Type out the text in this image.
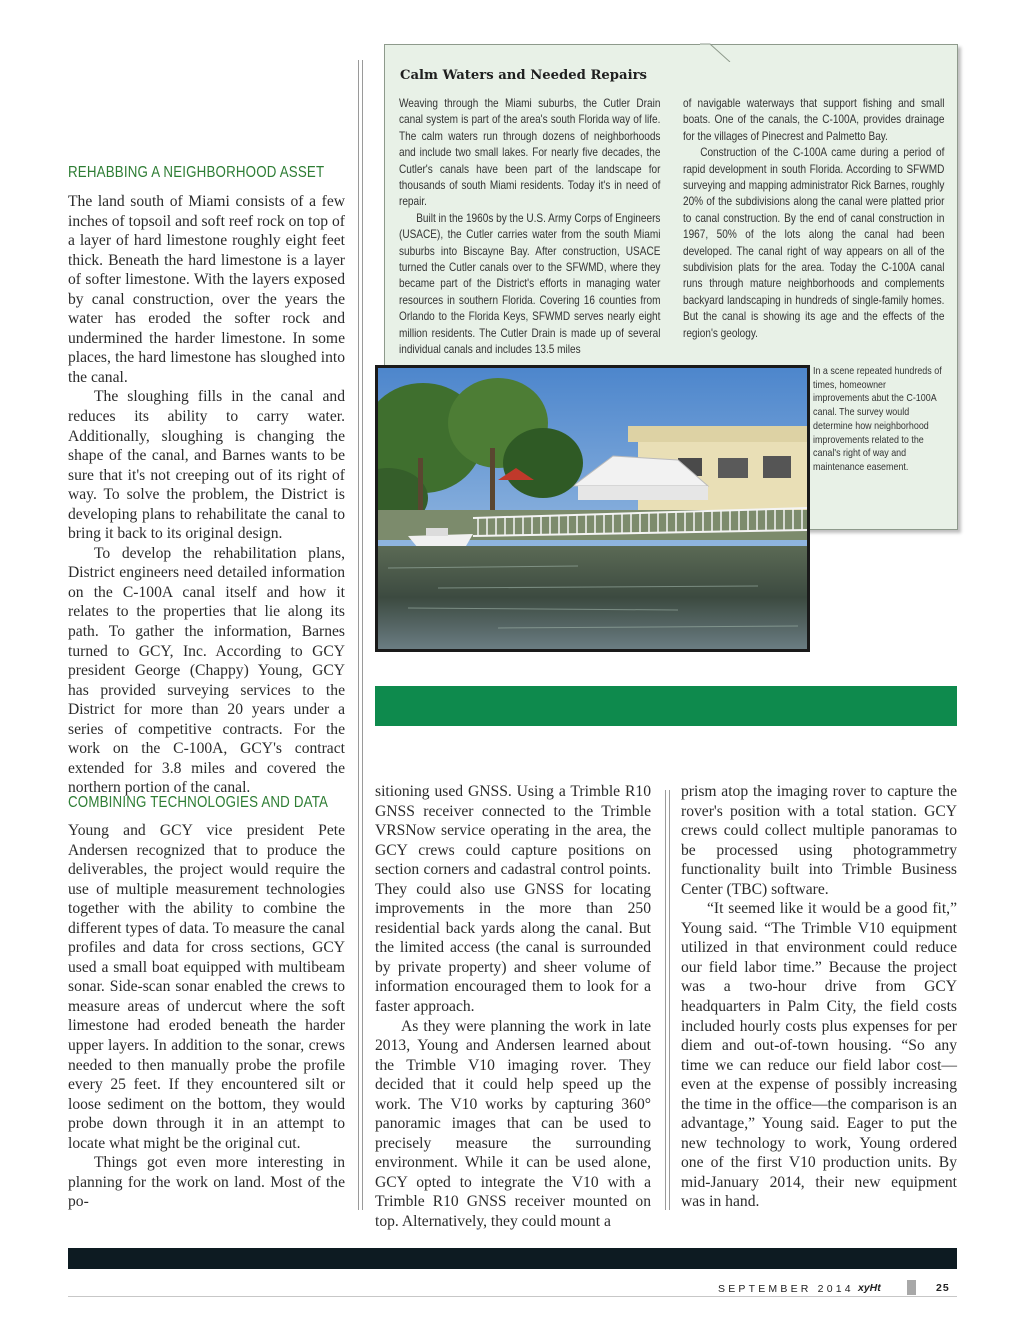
Calm Waters and Needed Repairs

Weaving through the Miami suburbs, the Cutler Drain canal system is part of the area's south Florida way of life. The calm waters run through dozens of neighborhoods and include two small lakes. For nearly five decades, the Cutler's canals have been part of the landscape for thousands of south Miami residents. Today it's in need of repair.

Built in the 1960s by the U.S. Army Corps of Engineers (USACE), the Cutler carries water from the south Miami suburbs into Biscayne Bay. After construction, USACE turned the Cutler canals over to the SFWMD, where they became part of the District's efforts in managing water resources in southern Florida. Covering 16 counties from Orlando to the Florida Keys, SFWMD serves nearly eight million residents. The Cutler Drain is made up of several individual canals and includes 13.5 miles

of navigable waterways that support fishing and small boats. One of the canals, the C-100A, provides drainage for the villages of Pinecrest and Palmetto Bay.

Construction of the C-100A came during a period of rapid development in south Florida. According to SFWMD surveying and mapping administrator Rick Barnes, roughly 20% of the subdivisions along the canal were platted prior to canal construction. By the end of canal construction in 1967, 50% of the lots along the canal had been developed. The canal right of way appears on all of the subdivision plats for the area. Today the C-100A canal runs through mature neighborhoods and complements backyard landscaping in hundreds of single-family homes. But the canal is showing its age and the effects of the region's geology.

In a scene repeated hundreds of times, homeowner improvements abut the C-100A canal. The survey would determine how neighborhood improvements related to the canal's right of way and maintenance easement.

REHABBING A NEIGHBORHOOD ASSET

The land south of Miami consists of a few inches of topsoil and soft reef rock on top of a layer of hard limestone roughly eight feet thick. Beneath the hard limestone is a layer of softer limestone. With the layers exposed by canal construction, over the years the water has eroded the softer rock and undermined the harder limestone. In some places, the hard limestone has sloughed into the canal.

The sloughing fills in the canal and reduces its ability to carry water. Additionally, sloughing is changing the shape of the canal, and Barnes wants to be sure that it's not creeping out of its right of way. To solve the problem, the District is developing plans to rehabilitate the canal to bring it back to its original design.

To develop the rehabilitation plans, District engineers need detailed information on the C-100A canal itself and how it relates to the properties that lie along its path. To gather the information, Barnes turned to GCY, Inc. According to GCY president George (Chappy) Young, GCY has provided surveying services to the District for more than 20 years under a series of competitive contracts. For the work on the C-100A, GCY's contract extended for 3.8 miles and covered the northern portion of the canal.

COMBINING TECHNOLOGIES AND DATA

Young and GCY vice president Pete Andersen recognized that to produce the deliverables, the project would require the use of multiple measurement technologies together with the ability to combine the different types of data. To measure the canal profiles and data for cross sections, GCY used a small boat equipped with multibeam sonar. Side-scan sonar enabled the crews to measure areas of undercut where the soft limestone had eroded beneath the harder upper layers. In addition to the sonar, crews needed to then manually probe the profile every 25 feet. If they encountered silt or loose sediment on the bottom, they would probe down through it in an attempt to locate what might be the original cut.

Things got even more interesting in planning for the work on land. Most of the po-

sitioning used GNSS. Using a Trimble R10 GNSS receiver connected to the Trimble VRSNow service operating in the area, the GCY crews could capture positions on section corners and cadastral control points. They could also use GNSS for locating improvements in the more than 250 residential back yards along the canal. But the limited access (the canal is surrounded by private property) and sheer volume of information encouraged them to look for a faster approach.

As they were planning the work in late 2013, Young and Andersen learned about the Trimble V10 imaging rover. They decided that it could help speed up the work. The V10 works by capturing 360° panoramic images that can be used to precisely measure the surrounding environment. While it can be used alone, GCY opted to integrate the V10 with a Trimble R10 GNSS receiver mounted on top. Alternatively, they could mount a

prism atop the imaging rover to capture the rover's position with a total station. GCY crews could collect multiple panoramas to be processed using photogrammetry functionality built into Trimble Business Center (TBC) software.

“It seemed like it would be a good fit,” Young said. “The Trimble V10 equipment utilized in that environment could reduce our field labor time.” Because the project was a two-hour drive from GCY headquarters in Palm City, the field costs included hourly costs plus expenses for per diem and out-of-town housing. “So any time we can reduce our field labor cost—even at the expense of possibly increasing the time in the office—the comparison is an advantage,” Young said. Eager to put the new technology to work, Young ordered one of the first V10 production units. By mid-January 2014, their new equipment was in hand.

SEPTEMBER 2014 xyHt	25
